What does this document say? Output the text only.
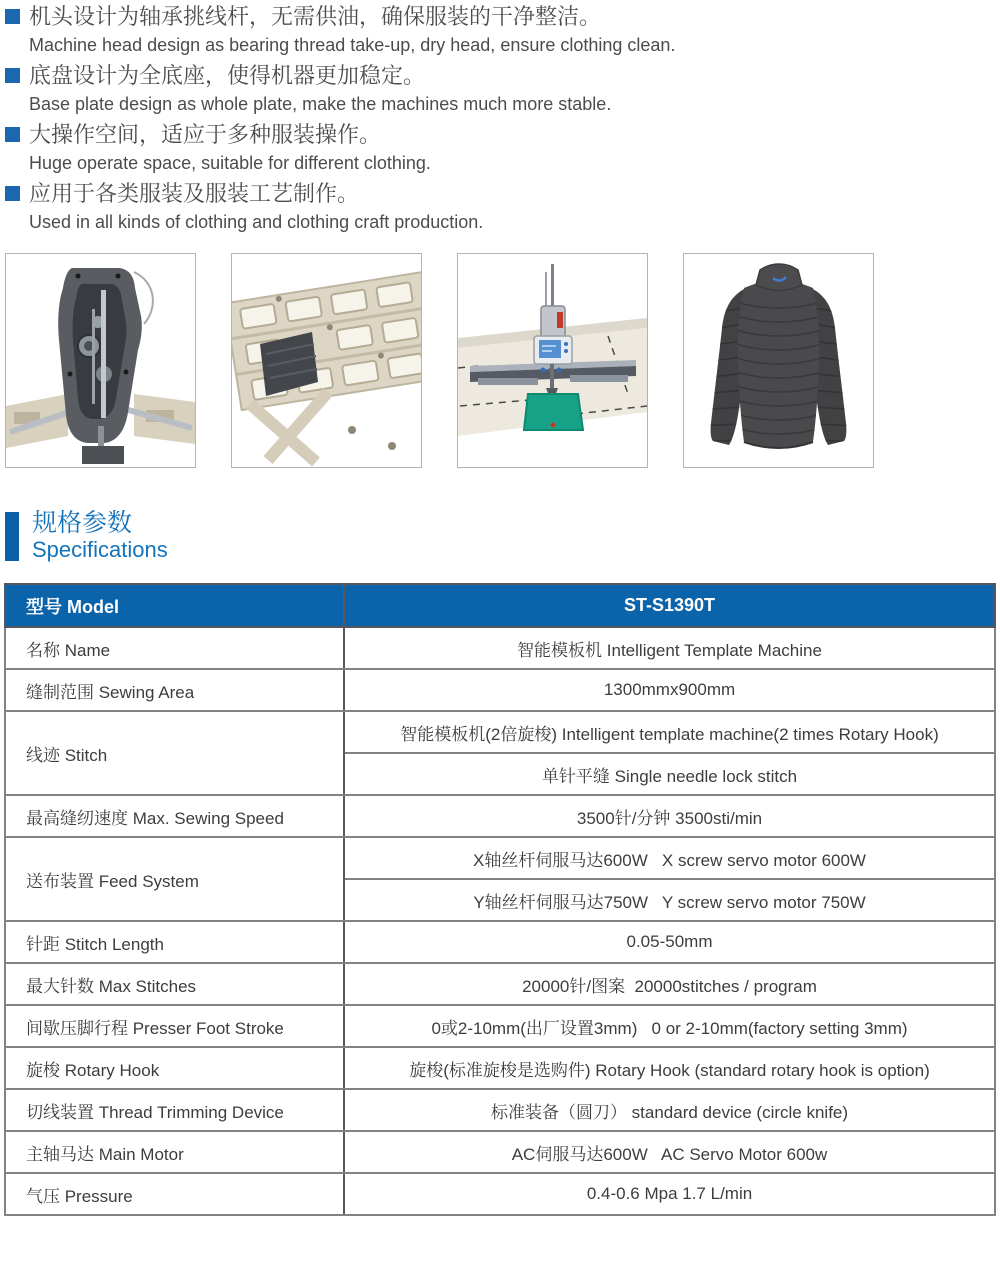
机头设计为轴承挑线杆，无需供油，确保服装的干净整洁。
Machine head design as bearing thread take-up, dry head, ensure clothing clean.
底盘设计为全底座，使得机器更加稳定。
Base plate design as whole plate, make the machines much more stable.
大操作空间，适应于多种服装操作。
Huge operate space, suitable for different clothing.
应用于各类服装及服装工艺制作。
Used in all kinds of clothing and clothing craft production.
规格参数
Specifications
型号 Model	ST-S1390T
名称 Name	智能模板机 Intelligent Template Machine
缝制范围 Sewing Area	1300mmx900mm
线迹 Stitch	智能模板机(2倍旋梭) Intelligent template machine(2 times Rotary Hook)
	单针平缝 Single needle lock stitch
最高缝纫速度 Max. Sewing Speed	3500针/分钟 3500sti/min
送布装置 Feed System	X轴丝杆伺服马达600W   X screw servo motor 600W
	Y轴丝杆伺服马达750W   Y screw servo motor 750W
针距 Stitch Length	0.05-50mm
最大针数 Max Stitches	20000针/图案  20000stitches / program
间歇压脚行程 Presser Foot Stroke	0或2-10mm(出厂设置3mm)   0 or 2-10mm(factory setting 3mm)
旋梭 Rotary Hook	旋梭(标准旋梭是选购件) Rotary Hook (standard rotary hook is option)
切线装置 Thread Trimming Device	标准装备（圆刀） standard device (circle knife)
主轴马达 Main Motor	AC伺服马达600W   AC Servo Motor 600w
气压 Pressure	0.4-0.6 Mpa 1.7 L/min
